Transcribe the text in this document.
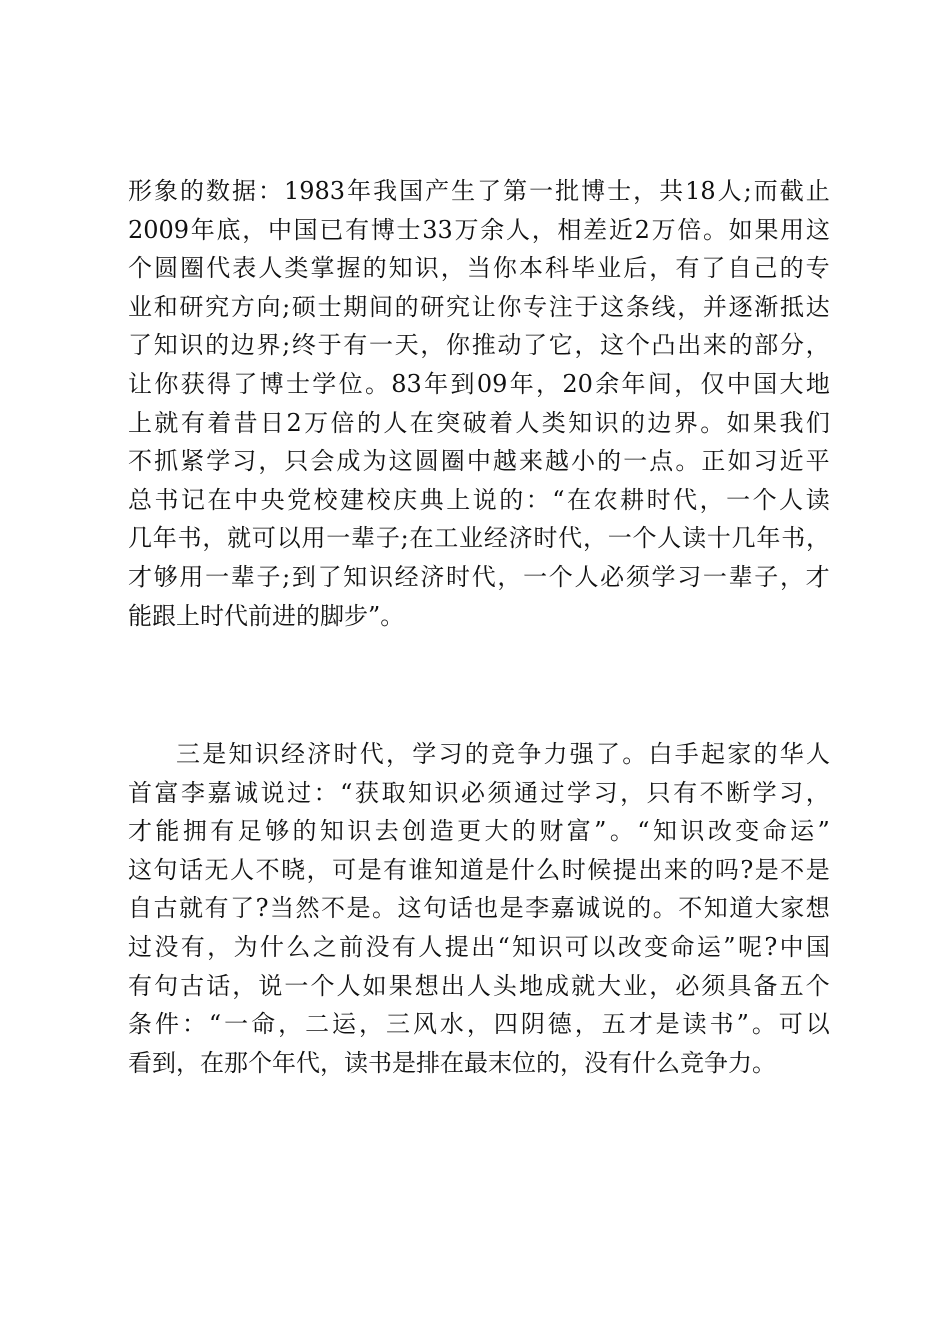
形 象 的 数 据 ： 1983 年 我 国 产 生 了 第 一 批 博 士 ， 共 18 人 ; 而 截 止
2009 年 底 ， 中 国 已 有 博 士 33 万 余 人 ， 相 差 近 2 万 倍 。 如 果 用 这
个 圆 圈 代 表 人 类 掌 握 的 知 识 ， 当 你 本 科 毕 业 后 ， 有 了 自 己 的 专
业 和 研 究 方 向 ; 硕 士 期 间 的 研 究 让 你 专 注 于 这 条 线 ， 并 逐 渐 抵 达
了 知 识 的 边 界 ; 终 于 有 一 天 ， 你 推 动 了 它 ， 这 个 凸 出 来 的 部 分 ，
让 你 获 得 了 博 士 学 位 。 83 年 到 09 年 ， 20 余 年 间 ， 仅 中 国 大 地
上 就 有 着 昔 日 2 万 倍 的 人 在 突 破 着 人 类 知 识 的 边 界 。 如 果 我 们
不 抓 紧 学 习 ， 只 会 成 为 这 圆 圈 中 越 来 越 小 的 一 点 。 正 如 习 近 平
总 书 记 在 中 央 党 校 建 校 庆 典 上 说 的 ： “ 在 农 耕 时 代 ， 一 个 人 读
几 年 书 ， 就 可 以 用 一 辈 子 ; 在 工 业 经 济 时 代 ， 一 个 人 读 十 几 年 书 ，
才 够 用 一 辈 子 ; 到 了 知 识 经 济 时 代 ， 一 个 人 必 须 学 习 一 辈 子 ， 才
能跟上时代前进的脚步”。
三 是 知 识 经 济 时 代 ， 学 习 的 竞 争 力 强 了 。 白 手 起 家 的 华 人
首 富 李 嘉 诚 说 过 ： “ 获 取 知 识 必 须 通 过 学 习 ， 只 有 不 断 学 习 ，
才 能 拥 有 足 够 的 知 识 去 创 造 更 大 的 财 富 ” 。 “ 知 识 改 变 命 运 ”
这 句 话 无 人 不 晓 ， 可 是 有 谁 知 道 是 什 么 时 候 提 出 来 的 吗 ? 是 不 是
自 古 就 有 了 ? 当 然 不 是 。 这 句 话 也 是 李 嘉 诚 说 的 。 不 知 道 大 家 想
过 没 有 ， 为 什 么 之 前 没 有 人 提 出 “ 知 识 可 以 改 变 命 运 ” 呢 ? 中 国
有 句 古 话 ， 说 一 个 人 如 果 想 出 人 头 地 成 就 大 业 ， 必 须 具 备 五 个
条 件 ： “ 一 命 ， 二 运 ， 三 风 水 ， 四 阴 德 ， 五 才 是 读 书 ” 。 可 以
看到，在那个年代，读书是排在最末位的，没有什么竞争力。
